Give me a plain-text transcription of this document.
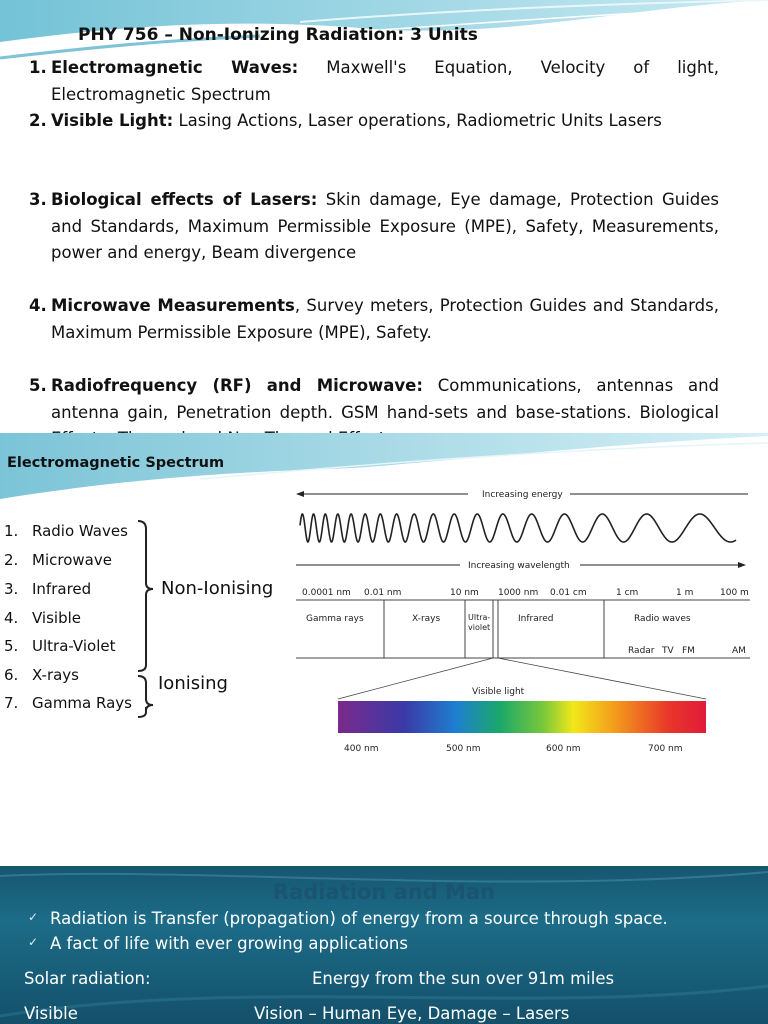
PHY 756 – Non-Ionizing Radiation: 3 Units
1. Electromagnetic Waves: Maxwell's Equation, Velocity of light, Electromagnetic Spectrum
2. Visible Light: Lasing Actions, Laser operations, Radiometric Units Lasers
3. Biological effects of Lasers: Skin damage, Eye damage, Protection Guides and Standards, Maximum Permissible Exposure (MPE), Safety, Measurements, power and energy, Beam divergence
4. Microwave Measurements, Survey meters, Protection Guides and Standards, Maximum Permissible Exposure (MPE), Safety.
5. Radiofrequency (RF) and Microwave: Communications, antennas and antenna gain, Penetration depth. GSM hand-sets and base-stations. Biological
Electromagnetic Spectrum
1. Radio Waves
2. Microwave
3. Infrared
4. Visible
5. Ultra-Violet
6. X-rays
7. Gamma Rays
Non-Ionising
Ionising
Increasing energy
Increasing wavelength
0.0001 nm 0.01 nm	10 nm 1000 nm 0.01 cm	1 cm	1 m	100 m
Gamma rays	X-rays	Ultra-
violet
Infrared	Radio waves
Radar TV FM	AM
Visible light
400 nm	500 nm	600 nm	700 nm
Radiation and Man
✓ Radiation is Transfer (propagation) of energy from a source through space.
✓ A fact of life with ever growing applications
Solar radiation:	Energy from the sun over 91m miles
Visible	Vision – Human Eye, Damage – Lasers
